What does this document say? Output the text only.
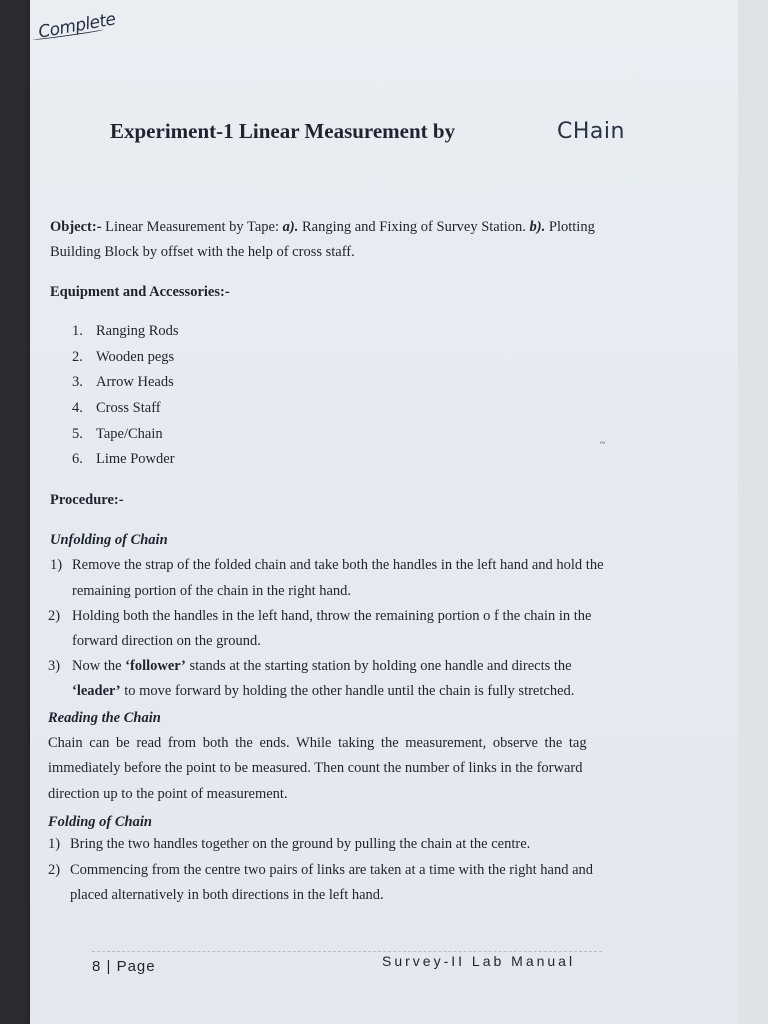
Complete
Experiment-1 Linear Measurement by	CHain
Object:- Linear Measurement by Tape: a). Ranging and Fixing of Survey Station. b). Plotting
Building Block by offset with the help of cross staff.
Equipment and Accessories:-
1. Ranging Rods
2. Wooden pegs
3. Arrow Heads
4. Cross Staff
5. Tape/Chain
6. Lime Powder
Procedure:-
Unfolding of Chain
1) Remove the strap of the folded chain and take both the handles in the left hand and hold the
remaining portion of the chain in the right hand.
2) Holding both the handles in the left hand, throw the remaining portion o f the chain in the
forward direction on the ground.
3) Now the ‘follower’ stands at the starting station by holding one handle and directs the
‘leader’ to move forward by holding the other handle until the chain is fully stretched.
Reading the Chain
Chain can be read from both the ends. While taking the measurement, observe the tag
immediately before the point to be measured. Then count the number of links in the forward
direction up to the point of measurement.
Folding of Chain
1) Bring the two handles together on the ground by pulling the chain at the centre.
2) Commencing from the centre two pairs of links are taken at a time with the right hand and
placed alternatively in both directions in the left hand.
8 | Page	Survey-II Lab Manual
~
